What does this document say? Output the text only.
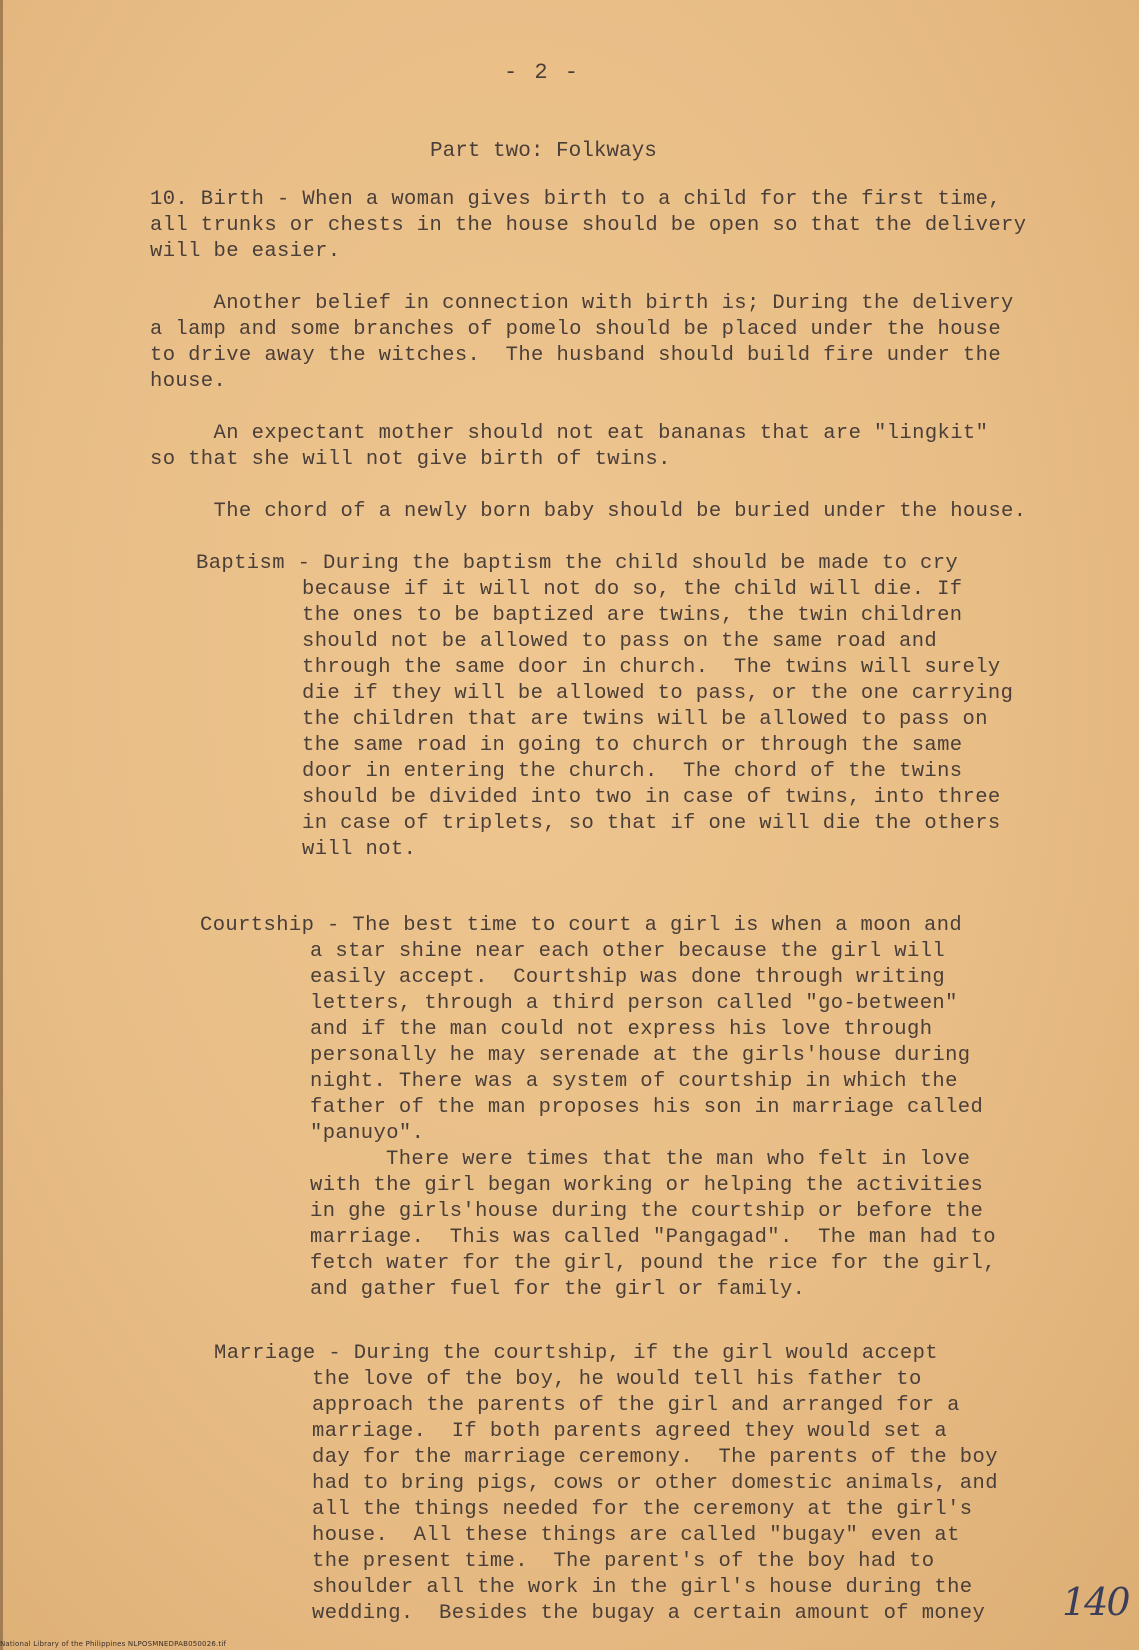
- 2 -
Part two: Folkways

10. Birth - When a woman gives birth to a child for the first time,

all trunks or chests in the house should be open so that the delivery

will be easier.

Another belief in connection with birth is; During the delivery

a lamp and some branches of pomelo should be placed under the house

to drive away the witches.  The husband should build fire under the

house.

An expectant mother should not eat bananas that are "lingkit"

so that she will not give birth of twins.

The chord of a newly born baby should be buried under the house.

Baptism - During the baptism the child should be made to cry

because if it will not do so, the child will die. If

the ones to be baptized are twins, the twin children

should not be allowed to pass on the same road and

through the same door in church.  The twins will surely

die if they will be allowed to pass, or the one carrying

the children that are twins will be allowed to pass on

the same road in going to church or through the same

door in entering the church.  The chord of the twins

should be divided into two in case of twins, into three

in case of triplets, so that if one will die the others

will not.

Courtship - The best time to court a girl is when a moon and

a star shine near each other because the girl will

easily accept.  Courtship was done through writing

letters, through a third person called "go-between"

and if the man could not express his love through

personally he may serenade at the girls'house during

night. There was a system of courtship in which the

father of the man proposes his son in marriage called

"panuyo".

There were times that the man who felt in love

with the girl began working or helping the activities

in ghe girls'house during the courtship or before the

marriage.  This was called "Pangagad".  The man had to

fetch water for the girl, pound the rice for the girl,

and gather fuel for the girl or family.

Marriage - During the courtship, if the girl would accept

the love of the boy, he would tell his father to

approach the parents of the girl and arranged for a

marriage.  If both parents agreed they would set a

day for the marriage ceremony.  The parents of the boy

had to bring pigs, cows or other domestic animals, and

all the things needed for the ceremony at the girl's

house.  All these things are called "bugay" even at

the present time.  The parent's of the boy had to

shoulder all the work in the girl's house during the

wedding.  Besides the bugay a certain amount of money 140
National Library of the Philippines NLPOSMNEDPAB050026.tif
